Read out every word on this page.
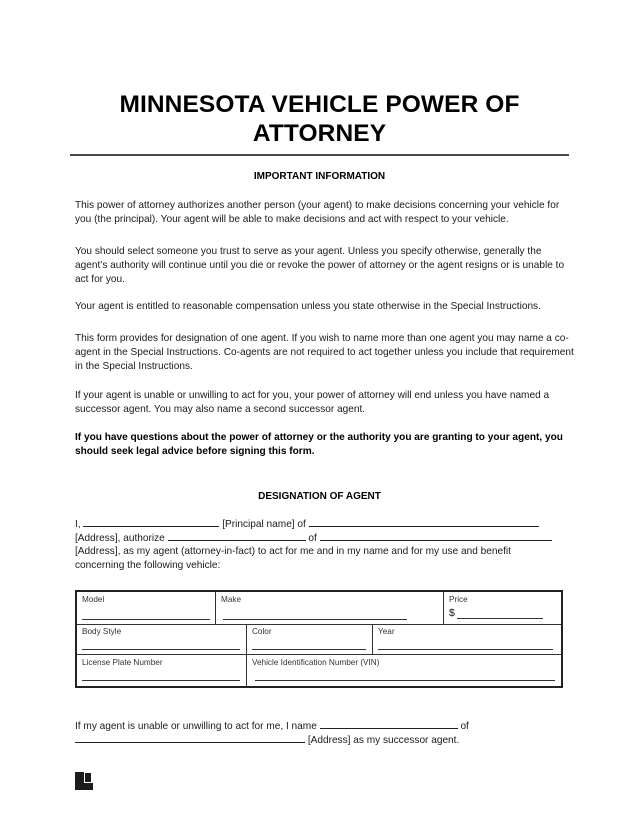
MINNESOTA VEHICLE POWER OF
ATTORNEY
IMPORTANT INFORMATION

This power of attorney authorizes another person (your agent) to make decisions concerning your vehicle for you (the principal). Your agent will be able to make decisions and act with respect to your vehicle.

You should select someone you trust to serve as your agent. Unless you specify otherwise, generally the agent’s authority will continue until you die or revoke the power of attorney or the agent resigns or is unable to act for you.

Your agent is entitled to reasonable compensation unless you state otherwise in the Special Instructions.

This form provides for designation of one agent. If you wish to name more than one agent you may name a co-agent in the Special Instructions. Co-agents are not required to act together unless you include that requirement in the Special Instructions.

If your agent is unable or unwilling to act for you, your power of attorney will end unless you have named a successor agent. You may also name a second successor agent.

If you have questions about the power of attorney or the authority you are granting to your agent, you should seek legal advice before signing this form.

DESIGNATION OF AGENT
I,	[Principal name] of
[Address], authorize	of
[Address], as my agent (attorney-in-fact) to act for me and in my name and for my use and benefit
concerning the following vehicle:
Model	Make	Price
$
Body Style	Color	Year
License Plate Number	Vehicle Identification Number (VIN)
If my agent is unable or unwilling to act for me, I name	of
[Address] as my successor agent.
